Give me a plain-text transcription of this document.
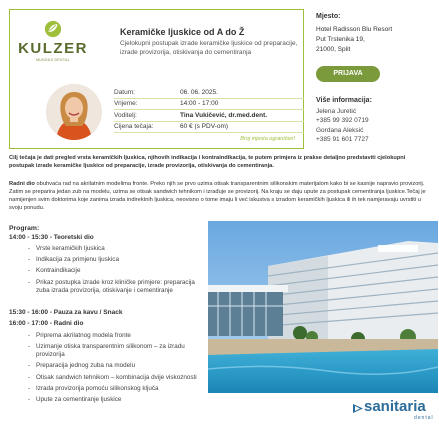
KULZER
MUNDUS DENTAL
Keramičke ljuskice od A do Ž
Cjelokupni postupak izrade keramičke ljuskice od preparacije, izrade provizorija, otiskivanja do cementiranja
Datum:	06. 06. 2025.
Vrijeme:	14:00 - 17:00
Voditelj:	Tina Vukičević, dr.med.dent.
Cijena tečaja:	60 € (s PDV-om)
Broj mjesta ograničen!
Mjesto:
Hotel Radisson Blu Resort
Put Trstenika 19,
21000, Split
PRIJAVA
Više informacija:
Jelena Juretić
+385 99 392 0719
Gordana Aleksić
+385 91 601 7727
Cilj tečaja je dati pregled vrsta keramičkih ljuskica, njihovih indikacija i kontraindikacija, te putem primjera iz prakse detaljno predstaviti cjelokupni postupak izrade keramičke ljuskice od preparacije, izrade provizorija, otiskivanja do cementiranja.
Radni dio obuhvaća rad na akrilatnim modelima fronte. Preko njih se prvo uzima otisak transparentnim silikonskim materijalom kako bi se kasnije napravio provizorij. Zatim se preparira jedan zub na modelu, uzima se otisak sandwich tehnikom i izrađuje se provizorij. Na kraju se daju upute za postupak cementiranja ljuskice.Tečaj je namijenjen svim doktorima koje zanima izrada indirektnih ljuskica, neovisno o tome imaju li već iskustva s izradom keramičkih ljuskica ili ih tek namjeravaju uvrstiti u svoju ponudu.
Program:
14:00 - 15:30 - Teoretski dio
- Vrste keramičkih ljuskica
- Indikacija za primjenu ljuskica
- Kontraindikacije
- Prikaz postupka izrade kroz kliničke primjere: preparacija zuba izrada provizorija, otiskivanje i cementiranje
15:30 - 16:00 - Pauza za kavu / Snack
16:00 - 17:00 - Radni dio
- Priprema akrilatnog modela fronte
- Uzimanje otiska transparentnim silikonom – za izradu provizorija
- Preparacija jednog zuba na modelu
- Otisak sandwich tehnikom – kombinacija dvije viskoznosti
- Izrada provizorija pomoću silikonskog ključa
- Upute za cementiranje ljuskice	sanitaria
dental
